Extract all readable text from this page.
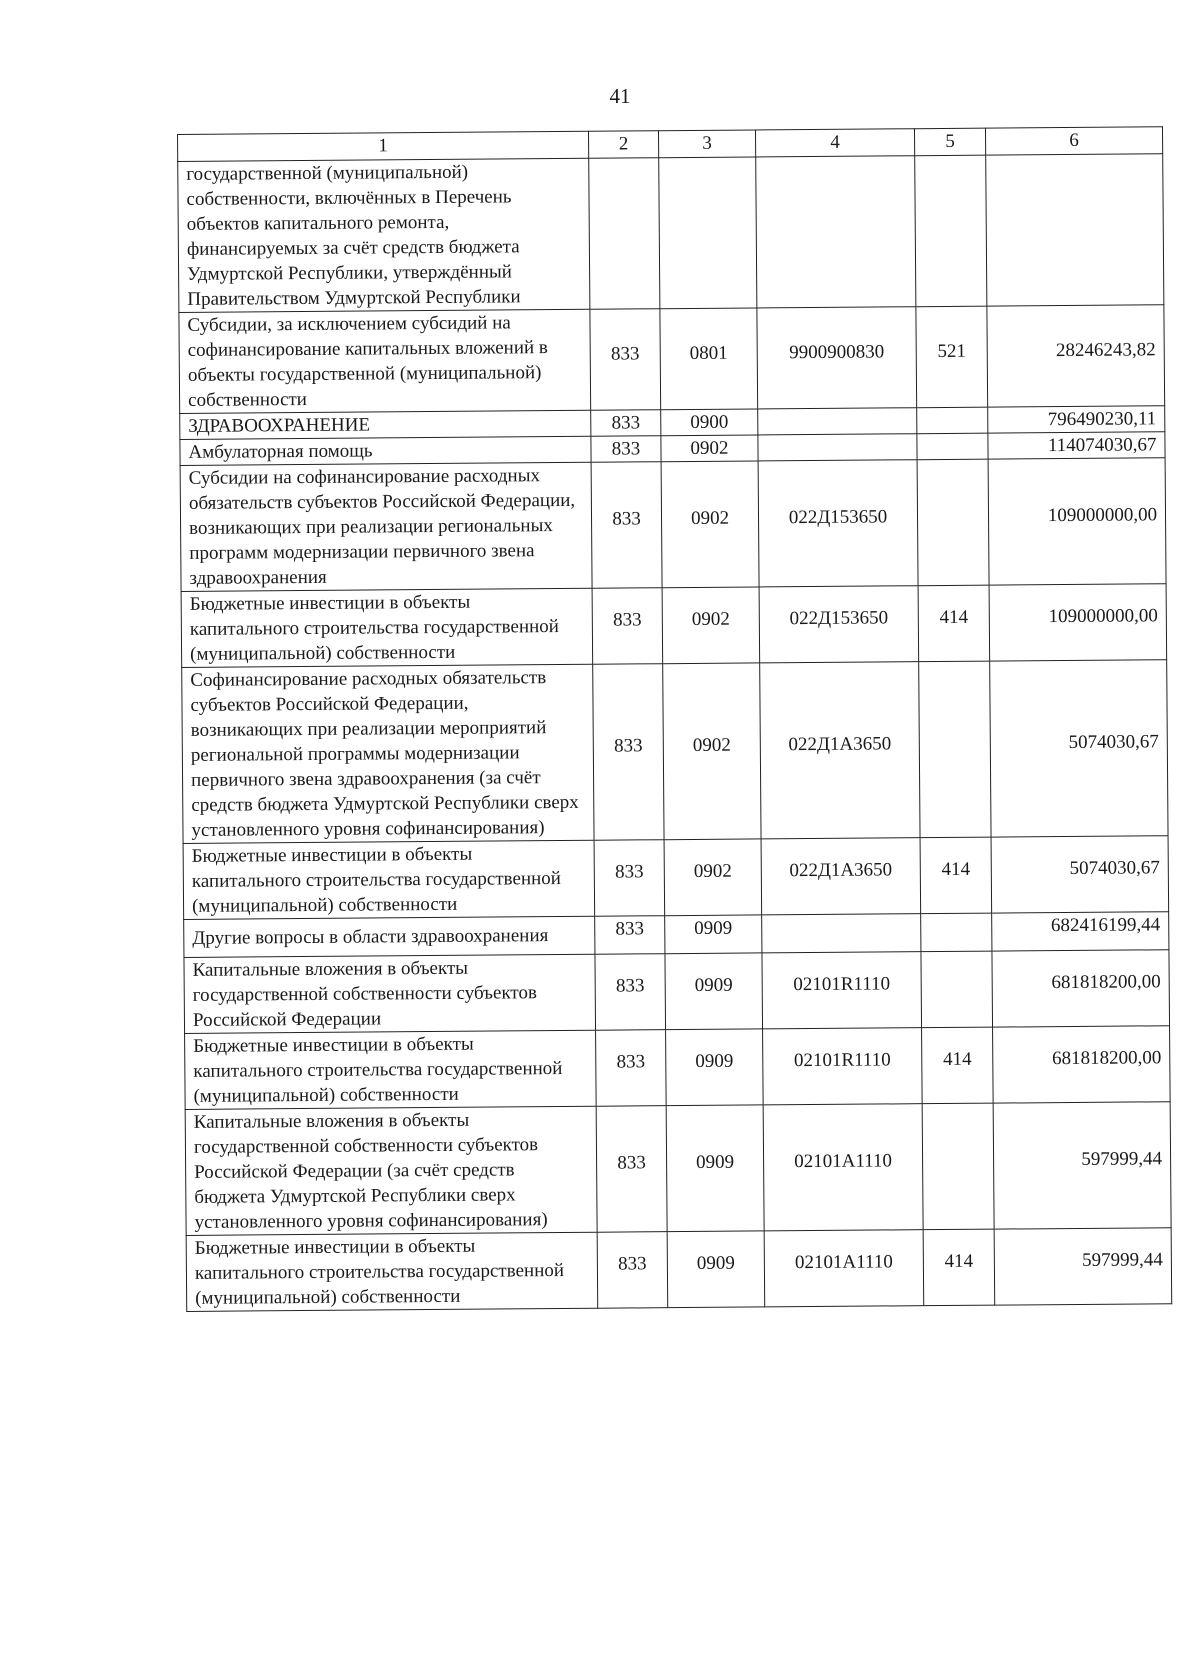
41
1	2	3	4	5	6
государственной (муниципальной) собственности, включённых в Перечень объектов капитального ремонта, финансируемых за счёт средств бюджета Удмуртской Республики, утверждённый Правительством Удмуртской Республики					
Субсидии, за исключением субсидий на софинансирование капитальных вложений в объекты государственной (муниципальной) собственности	833	0801	9900900830	521	28246243,82
ЗДРАВООХРАНЕНИЕ	833	0900			796490230,11
Амбулаторная помощь	833	0902			114074030,67
Субсидии на софинансирование расходных обязательств субъектов Российской Федерации, возникающих при реализации региональных программ модернизации первичного звена здравоохранения	833	0902	022Д153650		109000000,00
Бюджетные инвестиции в объекты капитального строительства государственной (муниципальной) собственности	833	0902	022Д153650	414	109000000,00
Софинансирование расходных обязательств субъектов Российской Федерации, возникающих при реализации мероприятий региональной программы модернизации первичного звена здравоохранения (за счёт средств бюджета Удмуртской Республики сверх установленного уровня софинансирования)	833	0902	022Д1А3650		5074030,67
Бюджетные инвестиции в объекты капитального строительства государственной (муниципальной) собственности	833	0902	022Д1А3650	414	5074030,67
Другие вопросы в области здравоохранения	833	0909			682416199,44
Капитальные вложения в объекты государственной собственности субъектов Российской Федерации	833	0909	02101R1110		681818200,00
Бюджетные инвестиции в объекты капитального строительства государственной (муниципальной) собственности	833	0909	02101R1110	414	681818200,00
Капитальные вложения в объекты государственной собственности субъектов Российской Федерации (за счёт средств бюджета Удмуртской Республики сверх установленного уровня софинансирования)	833	0909	02101А1110		597999,44
Бюджетные инвестиции в объекты капитального строительства государственной (муниципальной) собственности	833	0909	02101А1110	414	597999,44
